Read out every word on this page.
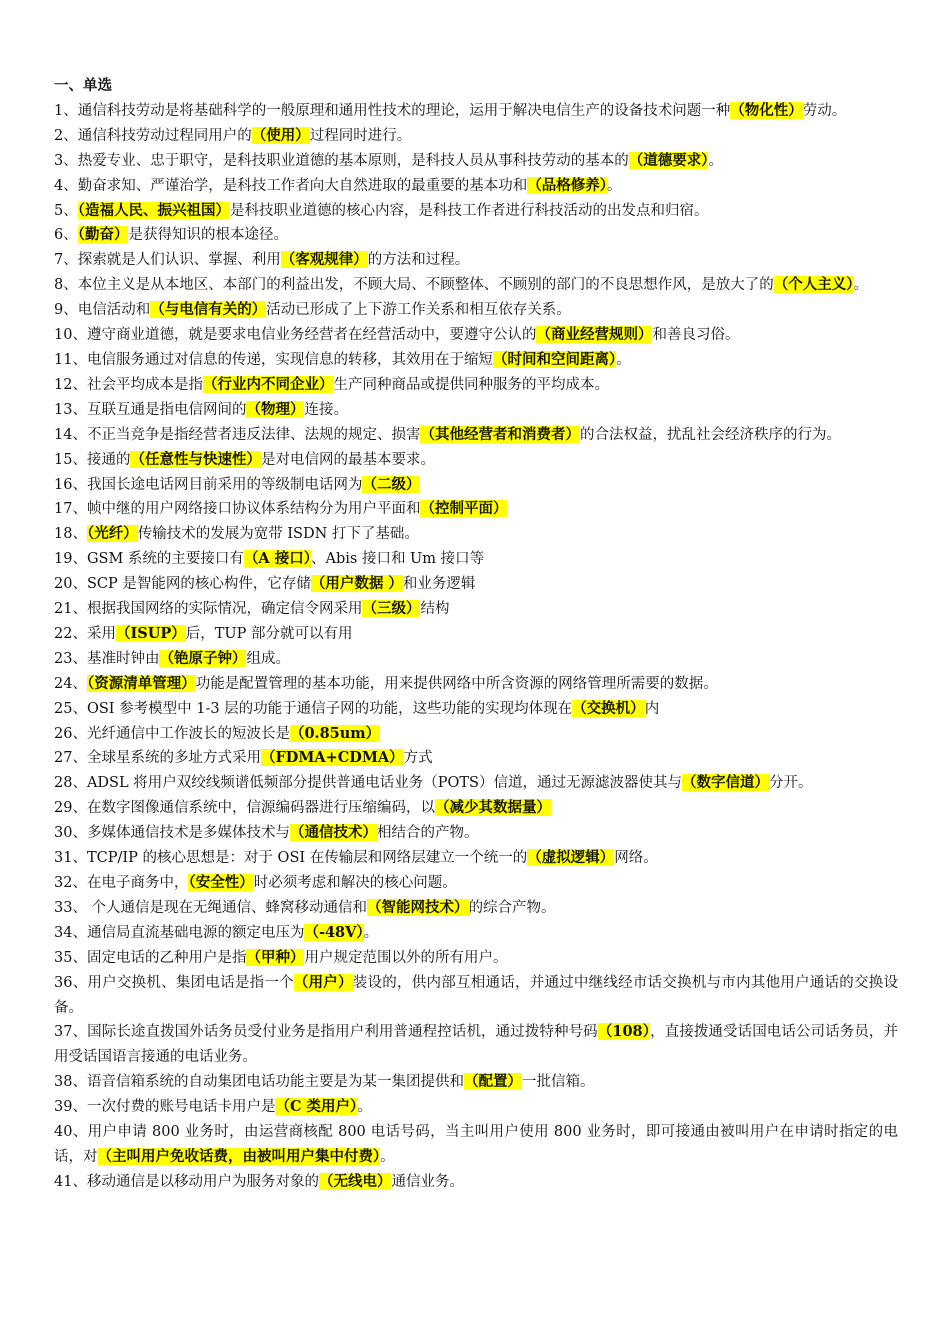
一、单选

1、通信科技劳动是将基础科学的一般原理和通用性技术的理论，运用于解决电信生产的设备技术问题一种（物化性）劳动。

2、通信科技劳动过程同用户的（使用）过程同时进行。

3、热爱专业、忠于职守，是科技职业道德的基本原则，是科技人员从事科技劳动的基本的（道德要求）。

4、勤奋求知、严谨治学，是科技工作者向大自然进取的最重要的基本功和（品格修养）。

5、（造福人民、振兴祖国）是科技职业道德的核心内容，是科技工作者进行科技活动的出发点和归宿。

6、（勤奋）是获得知识的根本途径。

7、探索就是人们认识、掌握、利用（客观规律）的方法和过程。

8、本位主义是从本地区、本部门的利益出发，不顾大局、不顾整体、不顾别的部门的不良思想作风，是放大了的（个人主义）。

9、电信活动和（与电信有关的）活动已形成了上下游工作关系和相互依存关系。

10、遵守商业道德，就是要求电信业务经营者在经营活动中，要遵守公认的（商业经营规则）和善良习俗。

11、电信服务通过对信息的传递，实现信息的转移，其效用在于缩短（时间和空间距离）。

12、社会平均成本是指（行业内不同企业）生产同种商品或提供同种服务的平均成本。

13、互联互通是指电信网间的（物理）连接。

14、不正当竞争是指经营者违反法律、法规的规定、损害（其他经营者和消费者）的合法权益，扰乱社会经济秩序的行为。

15、接通的（任意性与快速性）是对电信网的最基本要求。

16、我国长途电话网目前采用的等级制电话网为（二级）

17、帧中继的用户网络接口协议体系结构分为用户平面和（控制平面）

18、（光纤）传输技术的发展为宽带 ISDN 打下了基础。

19、GSM 系统的主要接口有（A 接口）、Abis 接口和 Um 接口等

20、SCP 是智能网的核心构件，它存储（用户数据 ）和业务逻辑

21、根据我国网络的实际情况，确定信令网采用（三级）结构

22、采用（ISUP）后，TUP 部分就可以有用

23、基准时钟由（铯原子钟）组成。

24、（资源清单管理）功能是配置管理的基本功能，用来提供网络中所含资源的网络管理所需要的数据。

25、OSI 参考模型中 1-3 层的功能于通信子网的功能，这些功能的实现均体现在（交换机）内

26、光纤通信中工作波长的短波长是（0.85um）

27、全球星系统的多址方式采用（FDMA+CDMA）方式

28、ADSL 将用户双绞线频谱低频部分提供普通电话业务（POTS）信道，通过无源滤波器使其与（数字信道）分开。

29、在数字图像通信系统中，信源编码器进行压缩编码，以（减少其数据量）

30、多媒体通信技术是多媒体技术与（通信技术）相结合的产物。

31、TCP/IP 的核心思想是：对于 OSI 在传输层和网络层建立一个统一的（虚拟逻辑）网络。

32、在电子商务中，（安全性）时必须考虑和解决的核心问题。

33、 个人通信是现在无绳通信、蜂窝移动通信和（智能网技术）的综合产物。

34、通信局直流基础电源的额定电压为（-48V）。

35、固定电话的乙种用户是指（甲种）用户规定范围以外的所有用户。

36、用户交换机、集团电话是指一个（用户）装设的，供内部互相通话，并通过中继线经市话交换机与市内其他用户通话的交换设备。

37、国际长途直拨国外话务员受付业务是指用户利用普通程控话机，通过拨特种号码（108），直接拨通受话国电话公司话务员，并用受话国语言接通的电话业务。

38、语音信箱系统的自动集团电话功能主要是为某一集团提供和（配置）一批信箱。

39、一次付费的账号电话卡用户是（C 类用户）。

40、用户申请 800 业务时，由运营商核配 800 电话号码，当主叫用户使用 800 业务时，即可接通由被叫用户在申请时指定的电话，对（主叫用户免收话费，由被叫用户集中付费）。

41、移动通信是以移动用户为服务对象的（无线电）通信业务。
